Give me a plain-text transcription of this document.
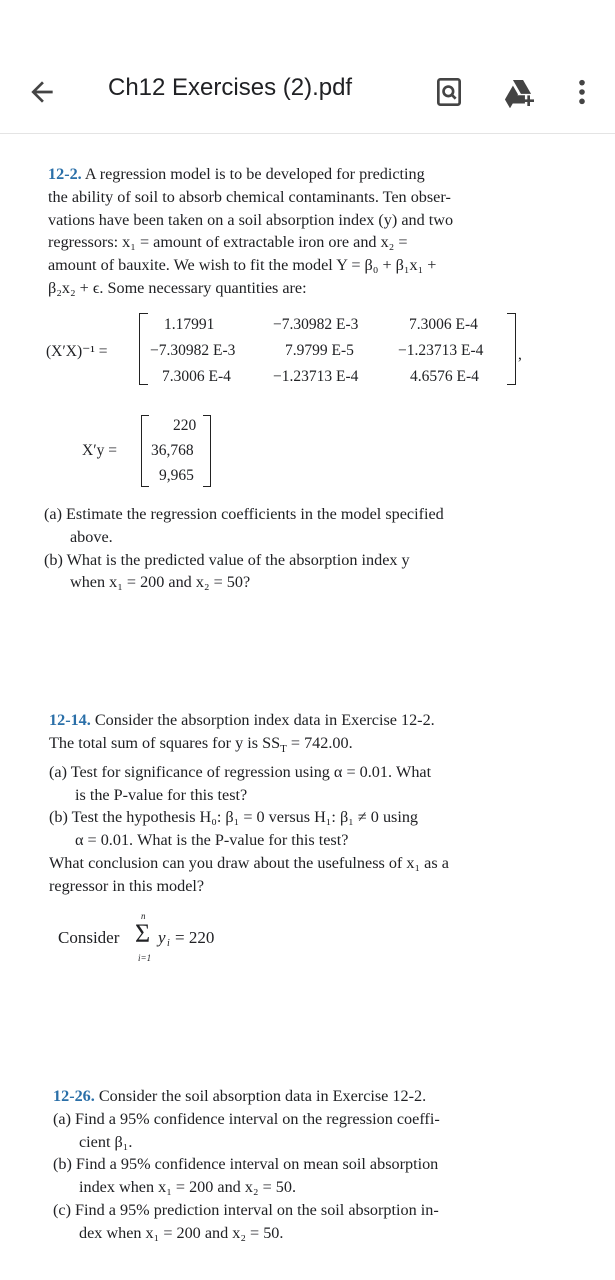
Ch12 Exercises (2).pdf
12-2. A regression model is to be developed for predicting
the ability of soil to absorb chemical contaminants. Ten obser-
vations have been taken on a soil absorption index (y) and two
regressors: x₁ = amount of extractable iron ore and x₂ =
amount of bauxite. We wish to fit the model Y = β₀ + β₁x₁ +
β₂x₂ + ϵ. Some necessary quantities are:
(X′X)⁻¹ =	,
1.17991	−7.30982 E-3	7.3006 E-4
−7.30982 E-3	7.9799 E-5	−1.23713 E-4
7.3006 E-4	−1.23713 E-4	4.6576 E-4
X′y =
220
36,768
9,965
(a) Estimate the regression coefficients in the model specified
above.
(b) What is the predicted value of the absorption index y
when x₁ = 200 and x₂ = 50?
12-14. Consider the absorption index data in Exercise 12-2.
The total sum of squares for y is $SS_T = 742.00$.
(a) Test for significance of regression using α = 0.01. What
is the P-value for this test?
(b) Test the hypothesis H₀: β₁ = 0 versus H₁: β₁ ≠ 0 using
α = 0.01. What is the P-value for this test?
What conclusion can you draw about the usefulness of x₁ as a
regressor in this model?
Consider
n
Σ
i=1
y i = 220
12-26. Consider the soil absorption data in Exercise 12-2.
(a) Find a 95% confidence interval on the regression coeffi-
cient β₁.
(b) Find a 95% confidence interval on mean soil absorption
index when x₁ = 200 and x₂ = 50.
(c) Find a 95% prediction interval on the soil absorption in-
dex when x₁ = 200 and x₂ = 50.
